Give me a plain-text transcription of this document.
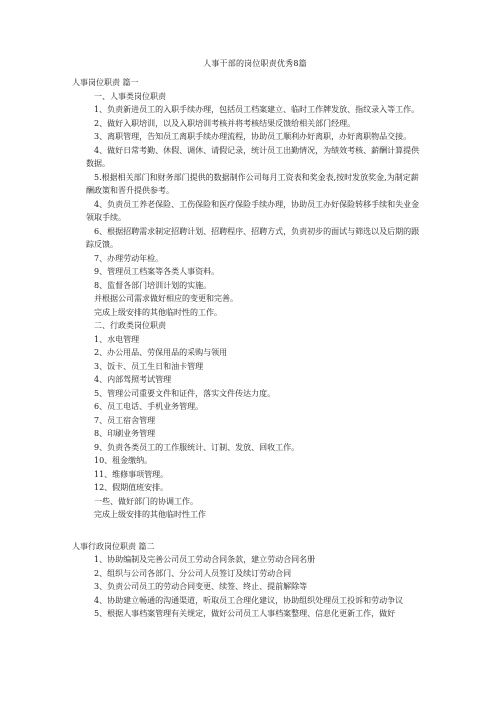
人事干部的岗位职责优秀8篇
人事岗位职责 篇一
一、人事类岗位职责

1、负责新进员工的入职手续办理，包括员工档案建立、临时工作牌发放、指纹录入等工作。

2、做好入职培训，以及入职培训考核并将考核结果反馈给相关部门经理。

3、离职管理，告知员工离职手续办理流程，协助员工顺利办好离职，办好离职物品交接。

4、做好日常考勤、休假、调休、请假记录，统计员工出勤情况，为绩效考核、薪酬计算提供数据。

5.根据相关部门和财务部门提供的数据制作公司每月工资表和奖金表,按时发放奖金,为制定薪酬政策和晋升提供参考。

4、负责员工养老保险、工伤保险和医疗保险手续办理，协助员工办好保险转移手续和失业金领取手续。

6、根据招聘需求制定招聘计划、招聘程序、招聘方式，负责初步的面试与筛选以及后期的跟踪反馈。

7、办理劳动年检。

9、管理员工档案等各类人事资料。

8、监督各部门培训计划的实施。

并根据公司需求做好相应的变更和完善。

完成上级安排的其他临时性的工作。

二、行政类岗位职责

1、水电管理

2、办公用品、劳保用品的采购与领用

3、饭卡、员工生日和油卡管理

4、内部驾照考试管理

5、管理公司重要文件和证件，落实文件传达力度。

6、员工电话、手机业务管理。

7、员工宿舍管理

8、印刷业务管理

9、负责各类员工的工作服统计、订制、发放、回收工作。

10、租金缴纳。

11、维修事项管理。

12、假期值班安排。

一些、做好部门的协调工作。

完成上级安排的其他临时性工作

人事行政岗位职责 篇二

1、协助编制及完善公司员工劳动合同条款，建立劳动合同名册

2、组织与公司各部门、分公司人员签订及续订劳动合同

3、负责公司员工的劳动合同变更、续签、终止、提前解除等

4、协助建立畅通的沟通渠道，听取员工合理化建议，协助组织处理员工投诉和劳动争议

5、根据人事档案管理有关规定，做好公司员工人事档案整理、信息化更新工作，做好
